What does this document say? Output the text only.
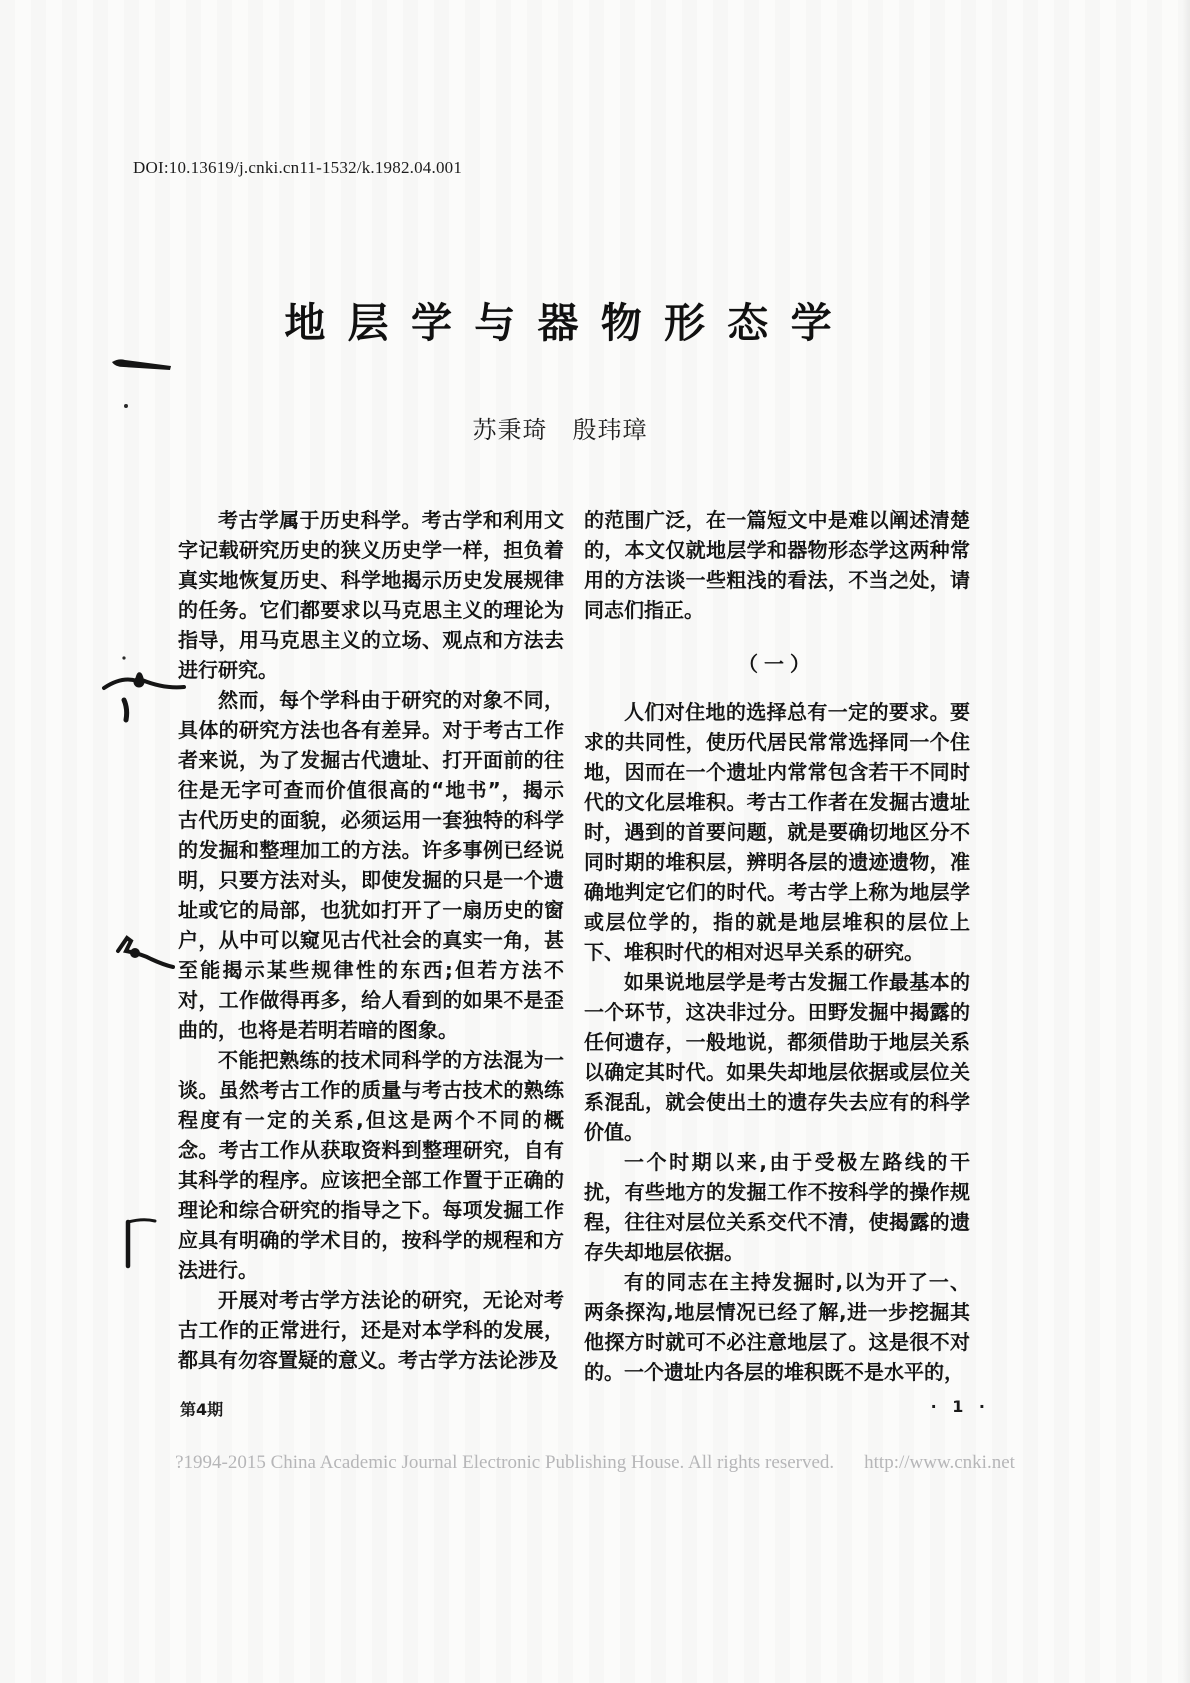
DOI:10.13619/j.cnki.cn11-1532/k.1982.04.001
地 层 学 与 器 物 形 态 学
苏秉琦　殷玮璋

考古学属于历史科学。考古学和利用文字记载研究历史的狭义历史学一样，担负着真实地恢复历史、科学地揭示历史发展规律的任务。它们都要求以马克思主义的理论为指导，用马克思主义的立场、观点和方法去进行研究。

然而，每个学科由于研究的对象不同，具体的研究方法也各有差异。对于考古工作者来说，为了发掘古代遗址、打开面前的往往是无字可查而价值很高的“地书”，揭示古代历史的面貌，必须运用一套独特的科学的发掘和整理加工的方法。许多事例已经说明，只要方法对头，即使发掘的只是一个遗址或它的局部，也犹如打开了一扇历史的窗户，从中可以窥见古代社会的真实一角，甚至能揭示某些规律性的东西;但若方法不对，工作做得再多，给人看到的如果不是歪曲的，也将是若明若暗的图象。

不能把熟练的技术同科学的方法混为一谈。虽然考古工作的质量与考古技术的熟练程度有一定的关系,但这是两个不同的概念。考古工作从获取资料到整理研究，自有其科学的程序。应该把全部工作置于正确的理论和综合研究的指导之下。每项发掘工作应具有明确的学术目的，按科学的规程和方法进行。

开展对考古学方法论的研究，无论对考古工作的正常进行，还是对本学科的发展，都具有勿容置疑的意义。考古学方法论涉及

的范围广泛，在一篇短文中是难以阐述清楚的，本文仅就地层学和器物形态学这两种常用的方法谈一些粗浅的看法，不当之处，请同志们指正。

（一）

人们对住地的选择总有一定的要求。要求的共同性，使历代居民常常选择同一个住地，因而在一个遗址内常常包含若干不同时代的文化层堆积。考古工作者在发掘古遗址时，遇到的首要问题，就是要确切地区分不同时期的堆积层，辨明各层的遗迹遗物，准确地判定它们的时代。考古学上称为地层学或层位学的，指的就是地层堆积的层位上下、堆积时代的相对迟早关系的研究。

如果说地层学是考古发掘工作最基本的一个环节，这决非过分。田野发掘中揭露的任何遗存，一般地说，都须借助于地层关系以确定其时代。如果失却地层依据或层位关系混乱，就会使出土的遗存失去应有的科学价值。

一个时期以来,由于受极左路线的干扰，有些地方的发掘工作不按科学的操作规程，往往对层位关系交代不清，使揭露的遗存失却地层依据。

有的同志在主持发掘时,以为开了一、两条探沟,地层情况已经了解,进一步挖掘其他探方时就可不必注意地层了。这是很不对的。一个遗址内各层的堆积既不是水平的，

第4期	· 1 ·
?1994-2015 China Academic Journal Electronic Publishing House. All rights reserved. http://www.cnki.net
